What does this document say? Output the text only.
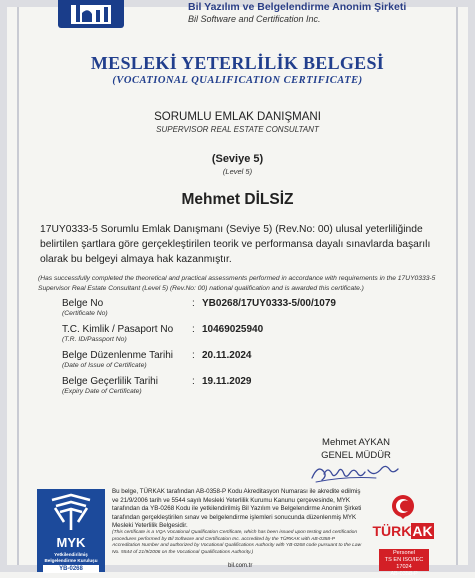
Bil Yazılım ve Belgelendirme Anonim Şirketi
Bil Software and Certification Inc.
MESLEKİ YETERLİLİK BELGESİ
(VOCATIONAL QUALIFICATION CERTIFICATE)
SORUMLU EMLAK DANIŞMANI
SUPERVISOR REAL ESTATE CONSULTANT
(Seviye 5)
(Level 5)
Mehmet DİLSİZ
17UY0333-5 Sorumlu Emlak Danışmanı (Seviye 5) (Rev.No: 00) ulusal yeterliliğinde belirtilen şartlara göre gerçekleştirilen teorik ve performansa dayalı sınavlarda başarılı olarak bu belgeyi almaya hak kazanmıştır.
(Has successfully completed the theoretical and practical assessments performed in accordance with requirements in the 17UY0333-5 Supervisor Real Estate Consultant (Level 5) (Rev.No: 00) national qualification and is awarded this certificate.)
Belge No
(Certificate No)
: YB0268/17UY0333-5/00/1079
T.C. Kimlik / Pasaport No
(T.R. ID/Passport No)
: 10469025940
Belge Düzenlenme Tarihi
(Date of Issue of Certificate)
: 20.11.2024
Belge Geçerlilik Tarihi
(Expiry Date of Certificate)
: 19.11.2029
Mehmet AYKAN
GENEL MÜDÜR
MYK
Yetkilendirilmiş Belgelendirme Kuruluşu
YB-0268
Bu belge, TÜRKAK tarafından AB-0358-P Kodu Akreditasyon Numarası ile akredite edilmiş ve 21/9/2006 tarih ve 5544 sayılı Mesleki Yeterlilik Kurumu Kanunu çerçevesinde, MYK tarafından da YB-0268 Kodu ile yetkilendirilmiş Bil Yazılım ve Belgelendirme Anonim Şirketi tarafından gerçekleştirilen sınav ve belgelendirme işlemleri sonucunda düzenlenmiş MYK Mesleki Yeterlilik Belgesidir.
(This certificate is a VQA Vocational Qualification Certificate, which has been issued upon testing and certification procedures performed by Bil Software and Certification Inc. accredited by the TÜRKAK with AB-0358-P Accreditation Number and authorized by Vocational Qualifications Authority with YB-0268 code pursuant to the Law No. 5544 of 21/9/2006 on the Vocational Qualifications Authority.)
bil.com.tr
TÜRKAK
Personel
TS EN ISO/IEC 17024
AB-0358-P
